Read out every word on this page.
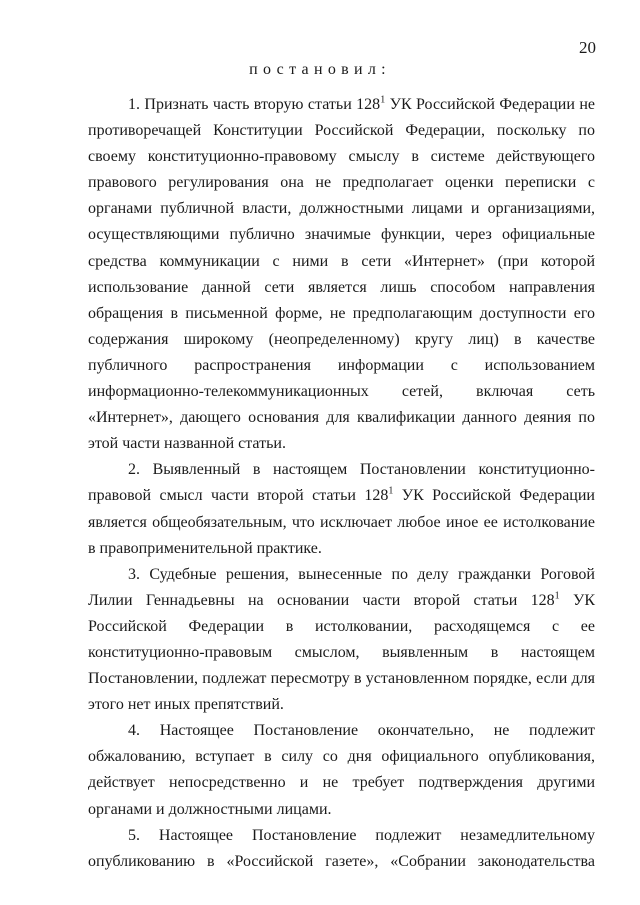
20
постановил:

1. Признать часть вторую статьи $128^1$ УК Российской Федерации не противоречащей Конституции Российской Федерации, поскольку по своему конституционно-правовому смыслу в системе действующего правового регулирования она не предполагает оценки переписки с органами публичной власти, должностными лицами и организациями, осуществляющими публично значимые функции, через официальные средства коммуникации с ними в сети «Интернет» (при которой использование данной сети является лишь способом направления обращения в письменной форме, не предполагающим доступности его содержания широкому (неопределенному) кругу лиц) в качестве публичного распространения информации с использованием информационно-телекоммуникационных сетей, включая сеть «Интернет», дающего основания для квалификации данного деяния по этой части названной статьи.

2. Выявленный в настоящем Постановлении конституционно-правовой смысл части второй статьи $128^1$ УК Российской Федерации является общеобязательным, что исключает любое иное ее истолкование в правоприменительной практике.

3. Судебные решения, вынесенные по делу гражданки Роговой Лилии Геннадьевны на основании части второй статьи $128^1$ УК Российской Федерации в истолковании, расходящемся с ее конституционно-правовым смыслом, выявленным в настоящем Постановлении, подлежат пересмотру в установленном порядке, если для этого нет иных препятствий.

4. Настоящее Постановление окончательно, не подлежит обжалованию, вступает в силу со дня официального опубликования, действует непосредственно и не требует подтверждения другими органами и должностными лицами.

5. Настоящее Постановление подлежит незамедлительному опубликованию в «Российской газете», «Собрании законодательства
